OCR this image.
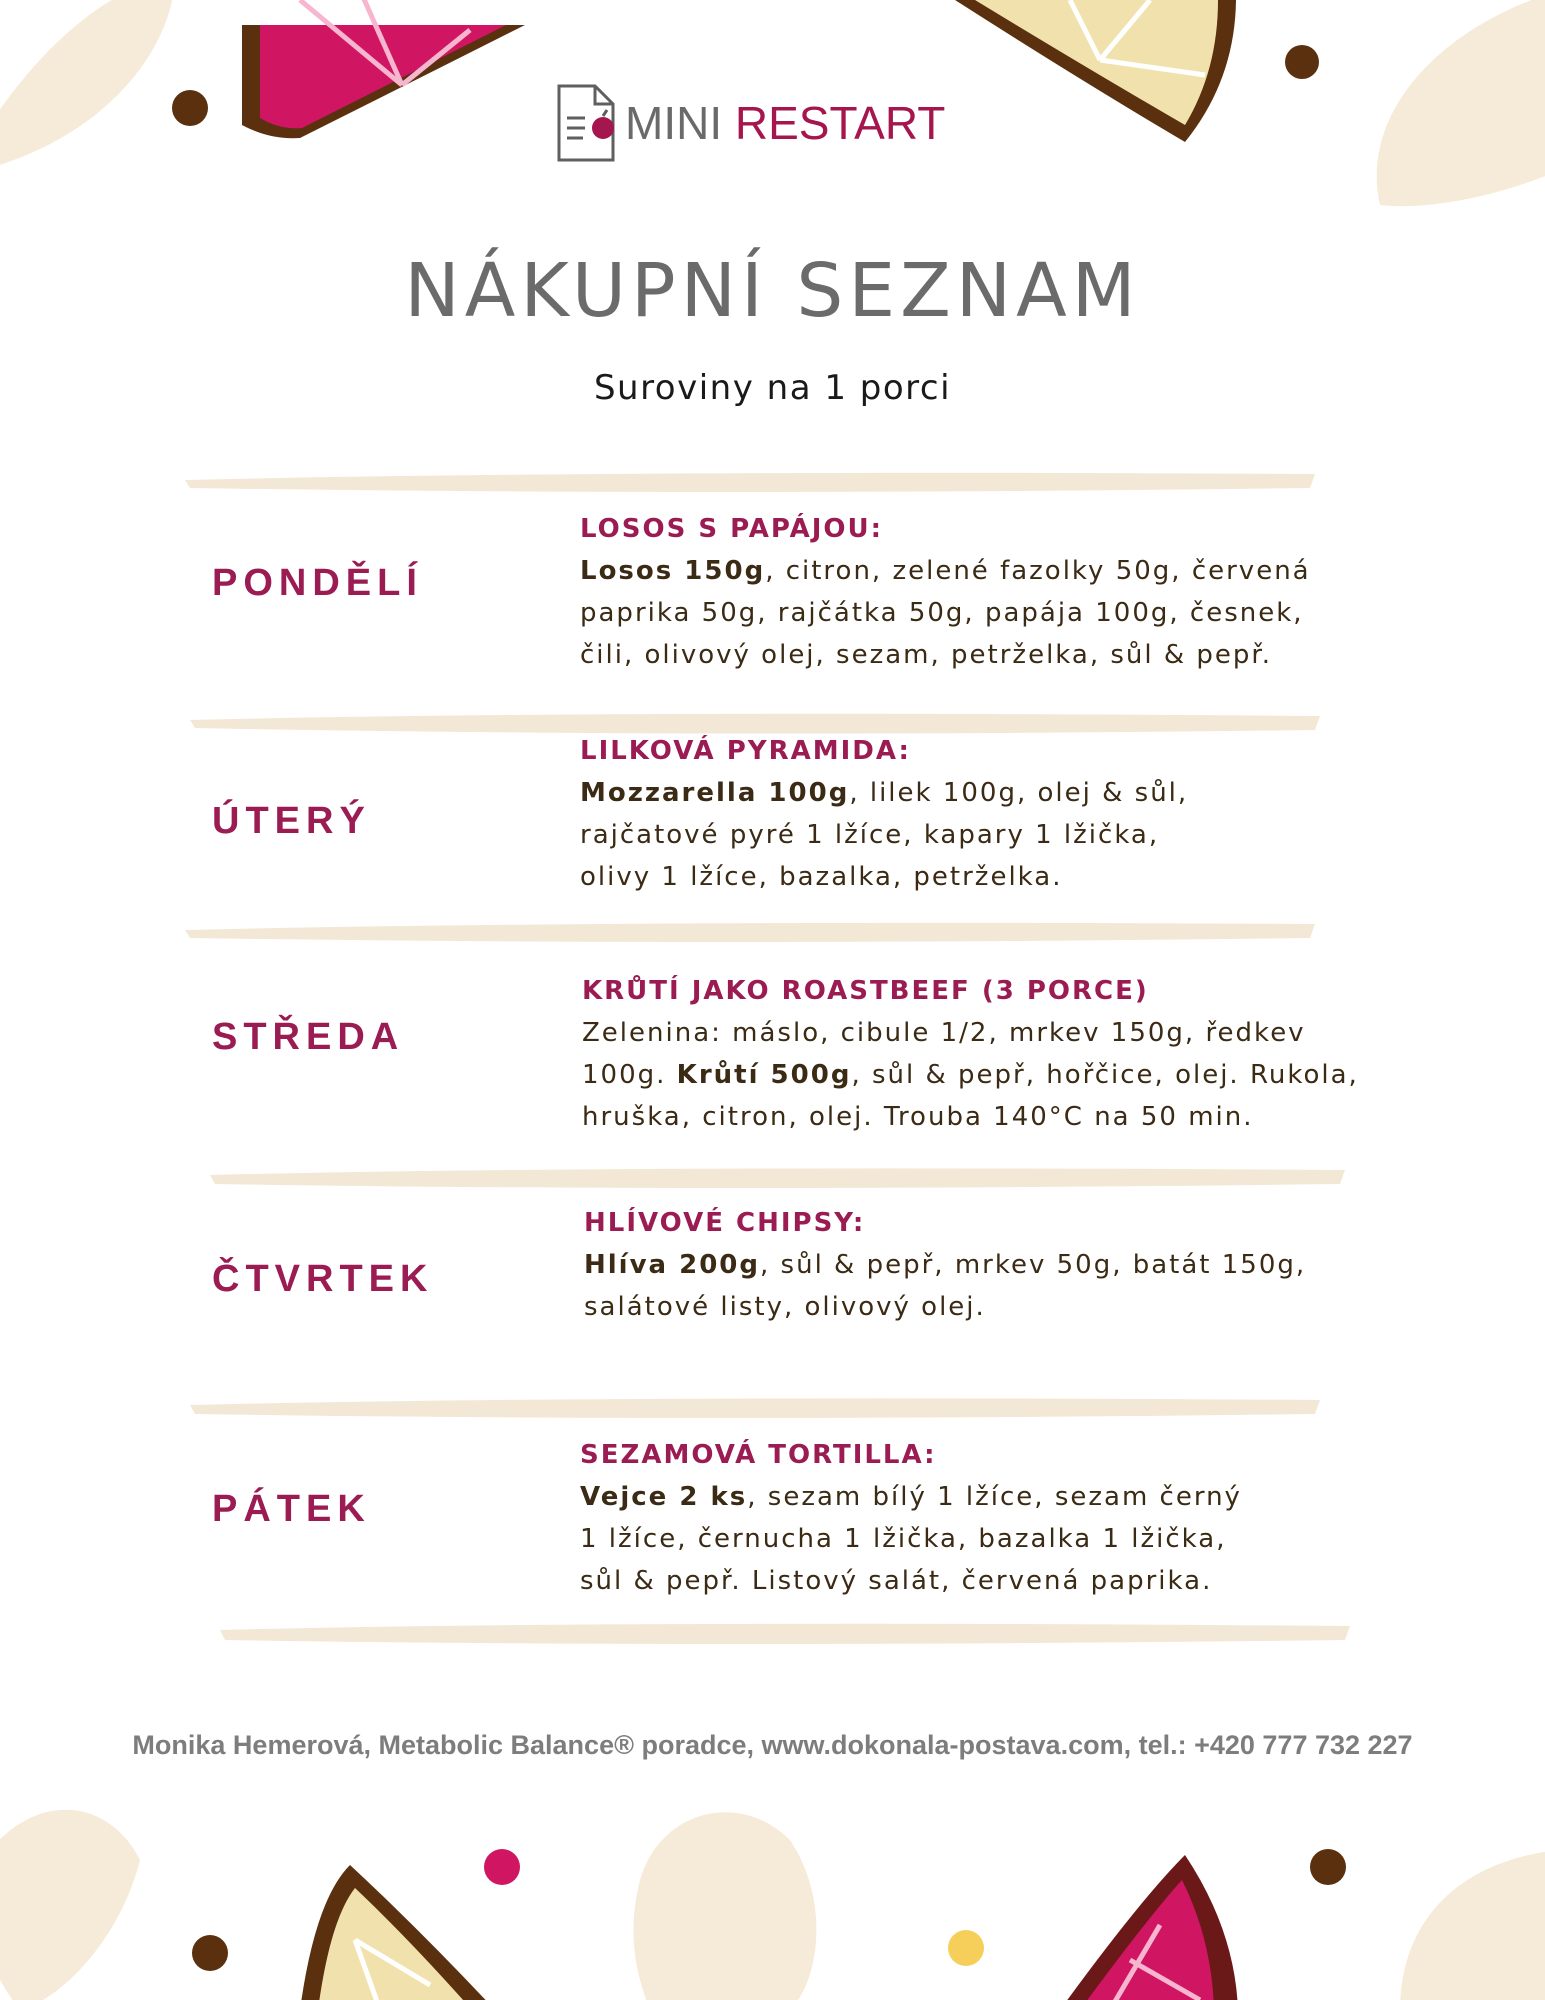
MINI RESTART
NÁKUPNÍ SEZNAM
Suroviny na 1 porci
PONDĚLÍ
LOSOS S PAPÁJOU:
Losos 150g, citron, zelené fazolky 50g, červená
paprika 50g, rajčátka 50g, papája 100g, česnek,
čili, olivový olej, sezam, petrželka, sůl & pepř.
ÚTERÝ
LILKOVÁ PYRAMIDA:
Mozzarella 100g, lilek 100g, olej & sůl,
rajčatové pyré 1 lžíce, kapary 1 lžička,
olivy 1 lžíce, bazalka, petrželka.
STŘEDA
KRŮTÍ JAKO ROASTBEEF (3 PORCE)
Zelenina: máslo, cibule 1/2, mrkev 150g, ředkev
100g. Krůtí 500g, sůl & pepř, hořčice, olej. Rukola,
hruška, citron, olej. Trouba 140°C na 50 min.
ČTVRTEK
HLÍVOVÉ CHIPSY:
Hlíva 200g, sůl & pepř, mrkev 50g, batát 150g,
salátové listy, olivový olej.
PÁTEK
SEZAMOVÁ TORTILLA:
Vejce 2 ks, sezam bílý 1 lžíce, sezam černý
1 lžíce, černucha 1 lžička, bazalka 1 lžička,
sůl & pepř. Listový salát, červená paprika.
Monika Hemerová, Metabolic Balance® poradce, www.dokonala-postava.com, tel.: +420 777 732 227
